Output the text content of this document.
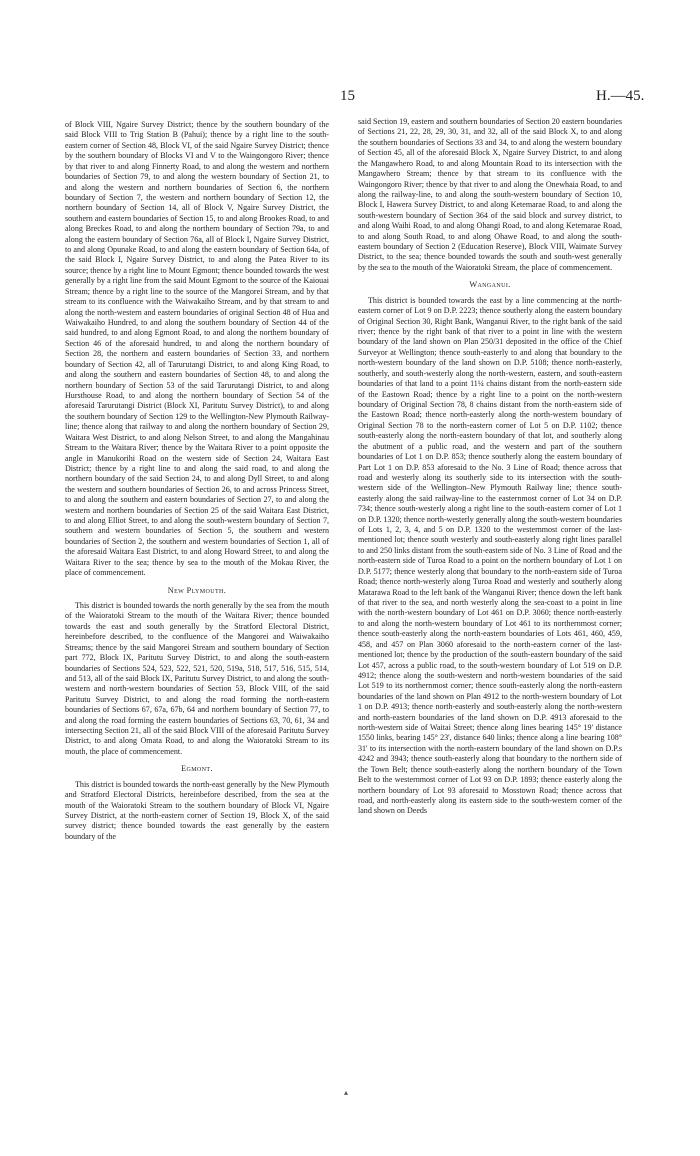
15	H.—45.

of Block VIII, Ngaire Survey District; thence by the southern boundary of the said Block VIII to Trig Station B (Pahui); thence by a right line to the south-eastern corner of Section 48, Block VI, of the said Ngaire Survey District; thence by the southern boundary of Blocks VI and V to the Waingongoro River; thence by that river to and along Finnerty Road, to and along the western and northern boundaries of Section 79, to and along the western boundary of Section 21, to and along the western and northern boundaries of Section 6, the northern boundary of Section 7, the western and northern boundary of Section 12, the northern boundary of Section 14, all of Block V, Ngaire Survey District, the southern and eastern boundaries of Section 15, to and along Brookes Road, to and along Breckes Road, to and along the northern boundary of Section 79a, to and along the eastern boundary of Section 76a, all of Block I, Ngaire Survey District, to and along Opunake Road, to and along the eastern boundary of Section 64a, of the said Block I, Ngaire Survey District, to and along the Patea River to its source; thence by a right line to Mount Egmont; thence bounded towards the west generally by a right line from the said Mount Egmont to the source of the Kaiouai Stream; thence by a right line to the source of the Mangorei Stream, and by that stream to its confluence with the Waiwakaiho Stream, and by that stream to and along the north-western and eastern boundaries of original Section 48 of Hua and Waiwakaiho Hundred, to and along the southern boundary of Section 44 of the said hundred, to and along Egmont Road, to and along the northern boundary of Section 46 of the aforesaid hundred, to and along the northern boundary of Section 28, the northern and eastern boundaries of Section 33, and northern boundary of Section 42, all of Tarurutangi District, to and along King Road, to and along the southern and eastern boundaries of Section 48, to and along the northern boundary of Section 53 of the said Tarurutangi District, to and along Hursthouse Road, to and along the northern boundary of Section 54 of the aforesaid Tarurutangi District (Block XI, Paritutu Survey District), to and along the southern boundary of Section 129 to the Wellington-New Plymouth Railway-line; thence along that railway to and along the northern boundary of Section 29, Waitara West District, to and along Nelson Street, to and along the Mangahinau Stream to the Waitara River; thence by the Waitara River to a point opposite the angle in Manukorihi Road on the western side of Section 24, Waitara East District; thence by a right line to and along the said road, to and along the northern boundary of the said Section 24, to and along Dyll Street, to and along the western and southern boundaries of Section 26, to and across Princess Street, to and along the southern and eastern boundaries of Section 27, to and along the western and northern boundaries of Section 25 of the said Waitara East District, to and along Elliot Street, to and along the south-western boundary of Section 7, southern and western boundaries of Section 5, the southern and western boundaries of Section 2, the southern and western boundaries of Section 1, all of the aforesaid Waitara East District, to and along Howard Street, to and along the Waitara River to the sea; thence by sea to the mouth of the Mokau River, the place of commencement.

New Plymouth.

This district is bounded towards the north generally by the sea from the mouth of the Waioratoki Stream to the mouth of the Waitara River; thence bounded towards the east and south generally by the Stratford Electoral District, hereinbefore described, to the confluence of the Mangorei and Waiwakaiho Streams; thence by the said Mangorei Stream and southern boundary of Section part 772, Block IX, Paritutu Survey District, to and along the south-eastern boundaries of Sections 524, 523, 522, 521, 520, 519a, 518, 517, 516, 515, 514, and 513, all of the said Block IX, Paritutu Survey District, to and along the south-western and north-western boundaries of Section 53, Block VIII, of the said Paritutu Survey District, to and along the road forming the north-eastern boundaries of Sections 67, 67a, 67b, 64 and northern boundary of Section 77, to and along the road forming the eastern boundaries of Sections 63, 70, 61, 34 and intersecting Section 21, all of the said Block VIII of the aforesaid Paritutu Survey District, to and along Omata Road, to and along the Waioratoki Stream to its mouth, the place of commencement.

Egmont.

This district is bounded towards the north-east generally by the New Plymouth and Stratford Electoral Districts, hereinbefore described, from the sea at the mouth of the Waioratoki Stream to the southern boundary of Block VI, Ngaire Survey District, at the north-eastern corner of Section 19, Block X, of the said survey district; thence bounded towards the east generally by the eastern boundary of the

said Section 19, eastern and southern boundaries of Section 20 eastern boundaries of Sections 21, 22, 28, 29, 30, 31, and 32, all of the said Block X, to and along the southern boundaries of Sections 33 and 34, to and along the western boundary of Section 45, all of the aforesaid Block X, Ngaire Survey District, to and along the Mangawhero Road, to and along Mountain Road to its intersection with the Mangawhero Stream; thence by that stream to its confluence with the Waingongoro River; thence by that river to and along the Onewhaia Road, to and along the railway-line, to and along the south-western boundary of Section 10, Block I, Hawera Survey District, to and along Ketemarae Road, to and along the south-western boundary of Section 364 of the said block and survey district, to and along Waihi Road, to and along Ohangi Road, to and along Ketemarae Road, to and along South Road, to and along Ohawe Road, to and along the south-eastern boundary of Section 2 (Education Reserve), Block VIII, Waimate Survey District, to the sea; thence bounded towards the south and south-west generally by the sea to the mouth of the Waioratoki Stream, the place of commencement.

Wanganui.

This district is bounded towards the east by a line commencing at the north-eastern corner of Lot 9 on D.P. 2223; thence southerly along the eastern boundary of Original Section 30, Right Bank, Wanganui River, to the right bank of the said river; thence by the right bank of that river to a point in line with the western boundary of the land shown on Plan 250/31 deposited in the office of the Chief Surveyor at Wellington; thence south-easterly to and along that boundary to the north-western boundary of the land shown on D.P. 5108; thence north-easterly, southerly, and south-westerly along the north-western, eastern, and south-eastern boundaries of that land to a point 11¼ chains distant from the north-eastern side of the Eastown Road; thence by a right line to a point on the north-western boundary of Original Section 78, 8 chains distant from the north-eastern side of the Eastown Road; thence north-easterly along the north-western boundary of Original Section 78 to the north-eastern corner of Lot 5 on D.P. 1102; thence south-easterly along the north-eastern boundary of that lot, and southerly along the abutment of a public road, and the western and part of the southern boundaries of Lot 1 on D.P. 853; thence southerly along the eastern boundary of Part Lot 1 on D.P. 853 aforesaid to the No. 3 Line of Road; thence across that road and westerly along its southerly side to its intersection with the south-western side of the Wellington–New Plymouth Railway line; thence south-easterly along the said railway-line to the easternmost corner of Lot 34 on D.P. 734; thence south-westerly along a right line to the south-eastern corner of Lot 1 on D.P. 1320; thence north-westerly generally along the south-western boundaries of Lots 1, 2, 3, 4, and 5 on D.P. 1320 to the westernmost corner of the last-mentioned lot; thence south westerly and south-easterly along right lines parallel to and 250 links distant from the south-eastern side of No. 3 Line of Road and the north-eastern side of Turoa Road to a point on the northern boundary of Lot 1 on D.P. 5177; thence westerly along that boundary to the north-eastern side of Turoa Road; thence north-westerly along Turoa Road and westerly and southerly along Matarawa Road to the left bank of the Wanganui River; thence down the left bank of that river to the sea, and north westerly along the sea-coast to a point in line with the north-western boundary of Lot 461 on D.P. 3060; thence north-easterly to and along the north-western boundary of Lot 461 to its northernmost corner; thence south-easterly along the north-eastern boundaries of Lots 461, 460, 459, 458, and 457 on Plan 3060 aforesaid to the north-eastern corner of the last-mentioned lot; thence by the production of the south-eastern boundary of the said Lot 457, across a public road, to the south-western boundary of Lot 519 on D.P. 4912; thence along the south-western and north-western boundaries of the said Lot 519 to its northernmost corner; thence south-easterly along the north-eastern boundaries of the land shown on Plan 4912 to the north-western boundary of Lot 1 on D.P. 4913; thence north-easterly and south-easterly along the north-western and north-eastern boundaries of the land shown on D.P. 4913 aforesaid to the north-western side of Waitai Street; thence along lines bearing 145° 19' distance 1550 links, bearing 145° 23', distance 640 links; thence along a line bearing 108° 31' to its intersection with the north-eastern boundary of the land shown on D.P.s 4242 and 3943; thence south-easterly along that boundary to the northern side of the Town Belt; thence south-easterly along the northern boundary of the Town Belt to the westernmost corner of Lot 93 on D.P. 1893; thence easterly along the northern boundary of Lot 93 aforesaid to Mosstown Road; thence across that road, and north-easterly along its eastern side to the south-western corner of the land shown on Deeds

▴
